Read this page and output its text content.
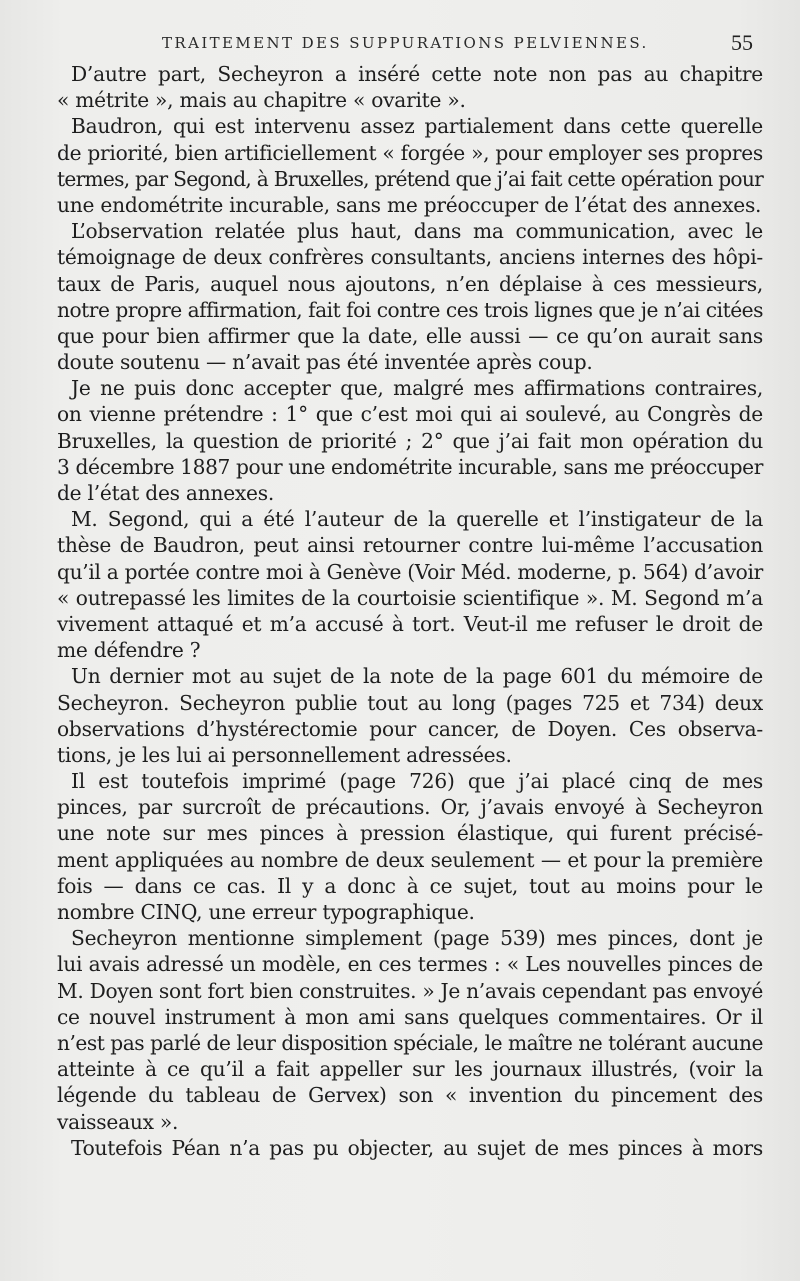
TRAITEMENT DES SUPPURATIONS PELVIENNES.	55
D’autre part, Secheyron a inséré cette note non pas au chapitre
« métrite », mais au chapitre « ovarite ».
Baudron, qui est intervenu assez partialement dans cette querelle
de priorité, bien artificiellement « forgée », pour employer ses propres
termes, par Segond, à Bruxelles, prétend que j’ai fait cette opération pour
une endométrite incurable, sans me préoccuper de l’état des annexes.
L’observation relatée plus haut, dans ma communication, avec le
témoignage de deux confrères consultants, anciens internes des hôpi-
taux de Paris, auquel nous ajoutons, n’en déplaise à ces messieurs,
notre propre affirmation, fait foi contre ces trois lignes que je n’ai citées
que pour bien affirmer que la date, elle aussi — ce qu’on aurait sans
doute soutenu — n’avait pas été inventée après coup.
Je ne puis donc accepter que, malgré mes affirmations contraires,
on vienne prétendre : 1° que c’est moi qui ai soulevé, au Congrès de
Bruxelles, la question de priorité ; 2° que j’ai fait mon opération du
3 décembre 1887 pour une endométrite incurable, sans me préoccuper
de l’état des annexes.
M. Segond, qui a été l’auteur de la querelle et l’instigateur de la
thèse de Baudron, peut ainsi retourner contre lui-même l’accusation
qu’il a portée contre moi à Genève (Voir Méd. moderne, p. 564) d’avoir
« outrepassé les limites de la courtoisie scientifique ». M. Segond m’a
vivement attaqué et m’a accusé à tort. Veut-il me refuser le droit de
me défendre ?
Un dernier mot au sujet de la note de la page 601 du mémoire de
Secheyron. Secheyron publie tout au long (pages 725 et 734) deux
observations d’hystérectomie pour cancer, de Doyen. Ces observa-
tions, je les lui ai personnellement adressées.
Il est toutefois imprimé (page 726) que j’ai placé cinq de mes
pinces, par surcroît de précautions. Or, j’avais envoyé à Secheyron
une note sur mes pinces à pression élastique, qui furent précisé-
ment appliquées au nombre de deux seulement — et pour la première
fois — dans ce cas. Il y a donc à ce sujet, tout au moins pour le
nombre CINQ, une erreur typographique.
Secheyron mentionne simplement (page 539) mes pinces, dont je
lui avais adressé un modèle, en ces termes : « Les nouvelles pinces de
M. Doyen sont fort bien construites. » Je n’avais cependant pas envoyé
ce nouvel instrument à mon ami sans quelques commentaires. Or il
n’est pas parlé de leur disposition spéciale, le maître ne tolérant aucune
atteinte à ce qu’il a fait appeller sur les journaux illustrés, (voir la
légende du tableau de Gervex) son « invention du pincement des
vaisseaux ».
Toutefois Péan n’a pas pu objecter, au sujet de mes pinces à mors
